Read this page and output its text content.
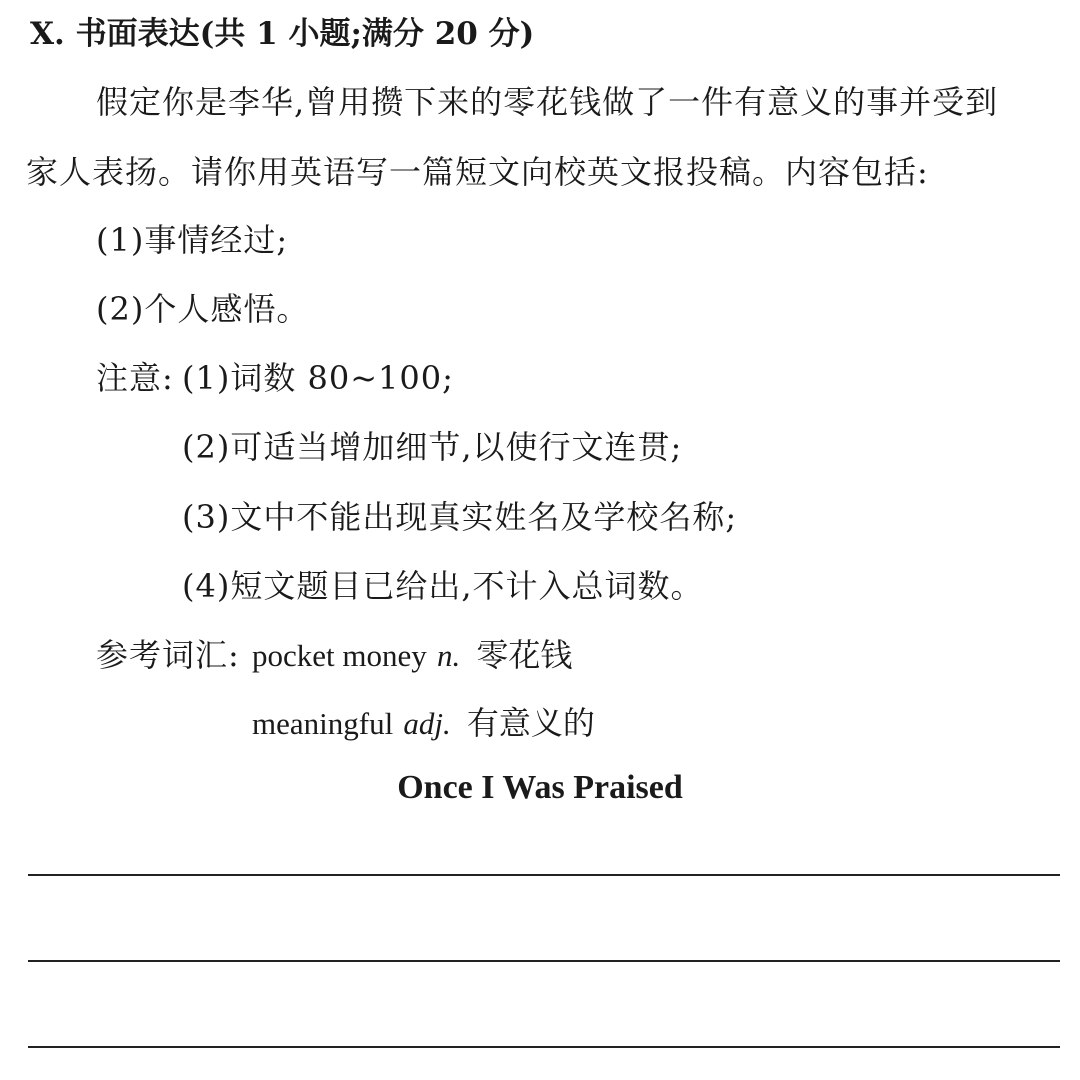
X. 书面表达(共 1 小题;满分 20 分)
假定你是李华,曾用攒下来的零花钱做了一件有意义的事并受到
家人表扬。请你用英语写一篇短文向校英文报投稿。内容包括:
(1)事情经过;
(2)个人感悟。
注意: (1)词数 80~100;
(2)可适当增加细节,以使行文连贯;
(3)文中不能出现真实姓名及学校名称;
(4)短文题目已给出,不计入总词数。
参考词汇: pocket money n. 零花钱
meaningful adj. 有意义的
Once I Was Praised
